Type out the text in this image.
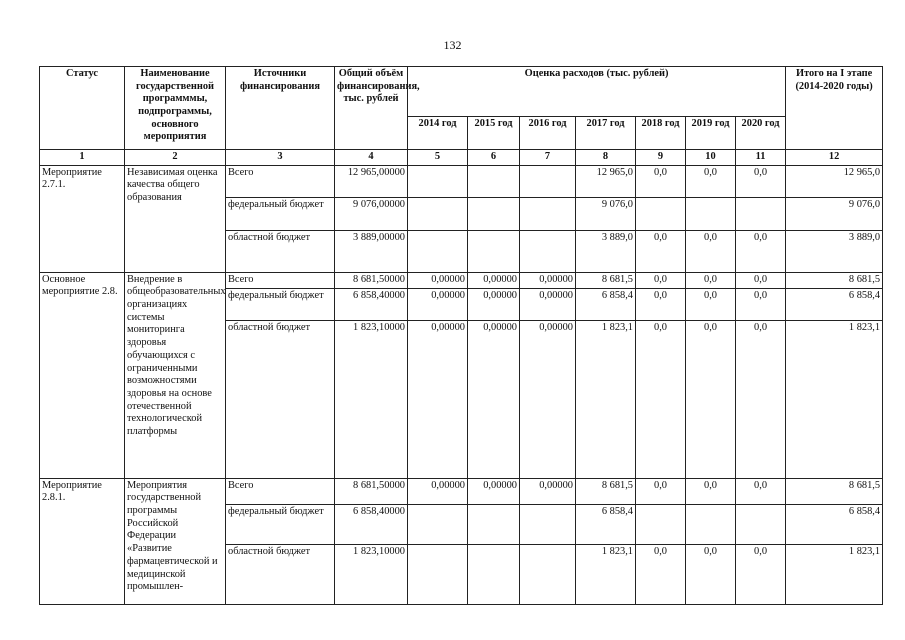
132
Статус	Наименование государственной программмы, подпрограммы, основного мероприятия	Источники финансирования	Общий объём финансирования, тыс. рублей	Оценка расходов (тыс. рублей)							Итого на I этапе (2014-2020 годы)
				2014 год	2015 год	2016 год	2017 год	2018 год	2019 год	2020 год	
1	2	3	4	5	6	7	8	9	10	11	12
Мероприятие 2.7.1.	Независимая оценка качества общего образования	Всего	12 965,00000				12 965,0	0,0	0,0	0,0	12 965,0
		федеральный бюджет	9 076,00000				9 076,0				9 076,0
		областной бюджет	3 889,00000				3 889,0	0,0	0,0	0,0	3 889,0
Основное мероприятие 2.8.	Внедрение в общеобразовательных организациях системы мониторинга здоровья обучающихся с ограниченными возможностями здоровья на основе отечественной технологической платформы	Всего	8 681,50000	0,00000	0,00000	0,00000	8 681,5	0,0	0,0	0,0	8 681,5
		федеральный бюджет	6 858,40000	0,00000	0,00000	0,00000	6 858,4	0,0	0,0	0,0	6 858,4
		областной бюджет	1 823,10000	0,00000	0,00000	0,00000	1 823,1	0,0	0,0	0,0	1 823,1
Мероприятие 2.8.1.	Мероприятия государственной программы Российской Федерации «Развитие фармацевтической и медицинской промышлен-	Всего	8 681,50000	0,00000	0,00000	0,00000	8 681,5	0,0	0,0	0,0	8 681,5
		федеральный бюджет	6 858,40000				6 858,4				6 858,4
		областной бюджет	1 823,10000				1 823,1	0,0	0,0	0,0	1 823,1
